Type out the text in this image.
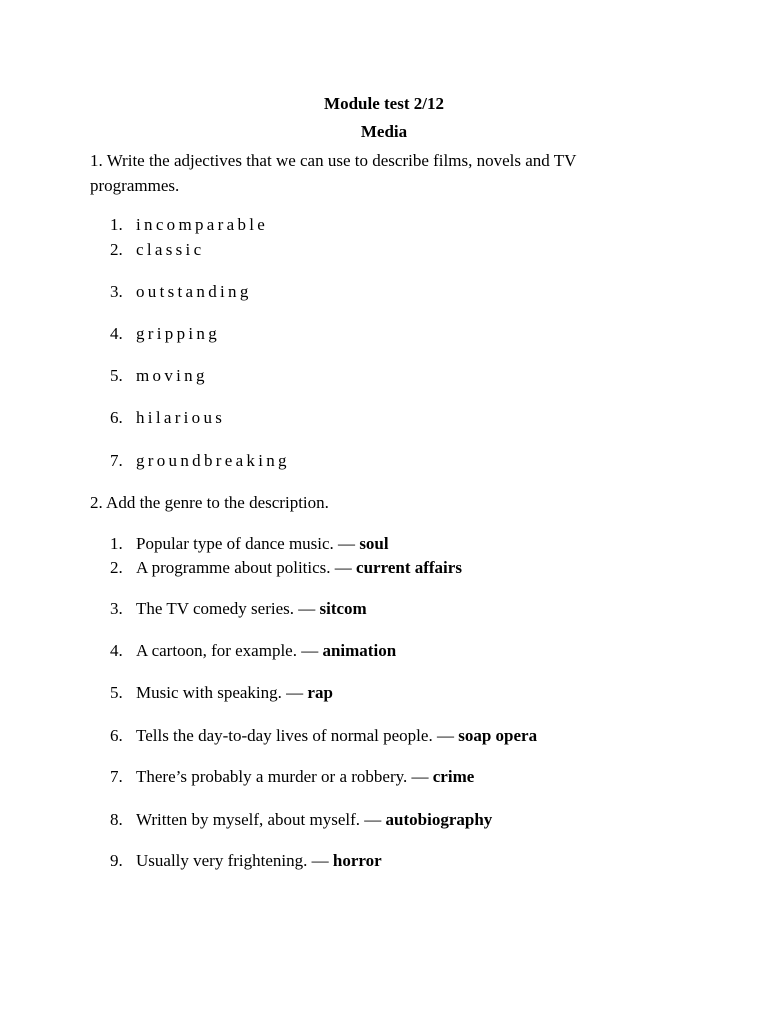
Module test 2/12
Media
1. Write the adjectives that we can use to describe films, novels and TV programmes.
1. incomparable
2. classic
3. outstanding
4. gripping
5. moving
6. hilarious
7. groundbreaking
2. Add the genre to the description.
1. Popular type of dance music. — soul
2. A programme about politics. — current affairs
3. The TV comedy series. — sitcom
4. A cartoon, for example. — animation
5. Music with speaking. — rap
6. Tells the day-to-day lives of normal people. — soap opera
7. There’s probably a murder or a robbery. — crime
8. Written by myself, about myself. — autobiography
9. Usually very frightening. — horror
